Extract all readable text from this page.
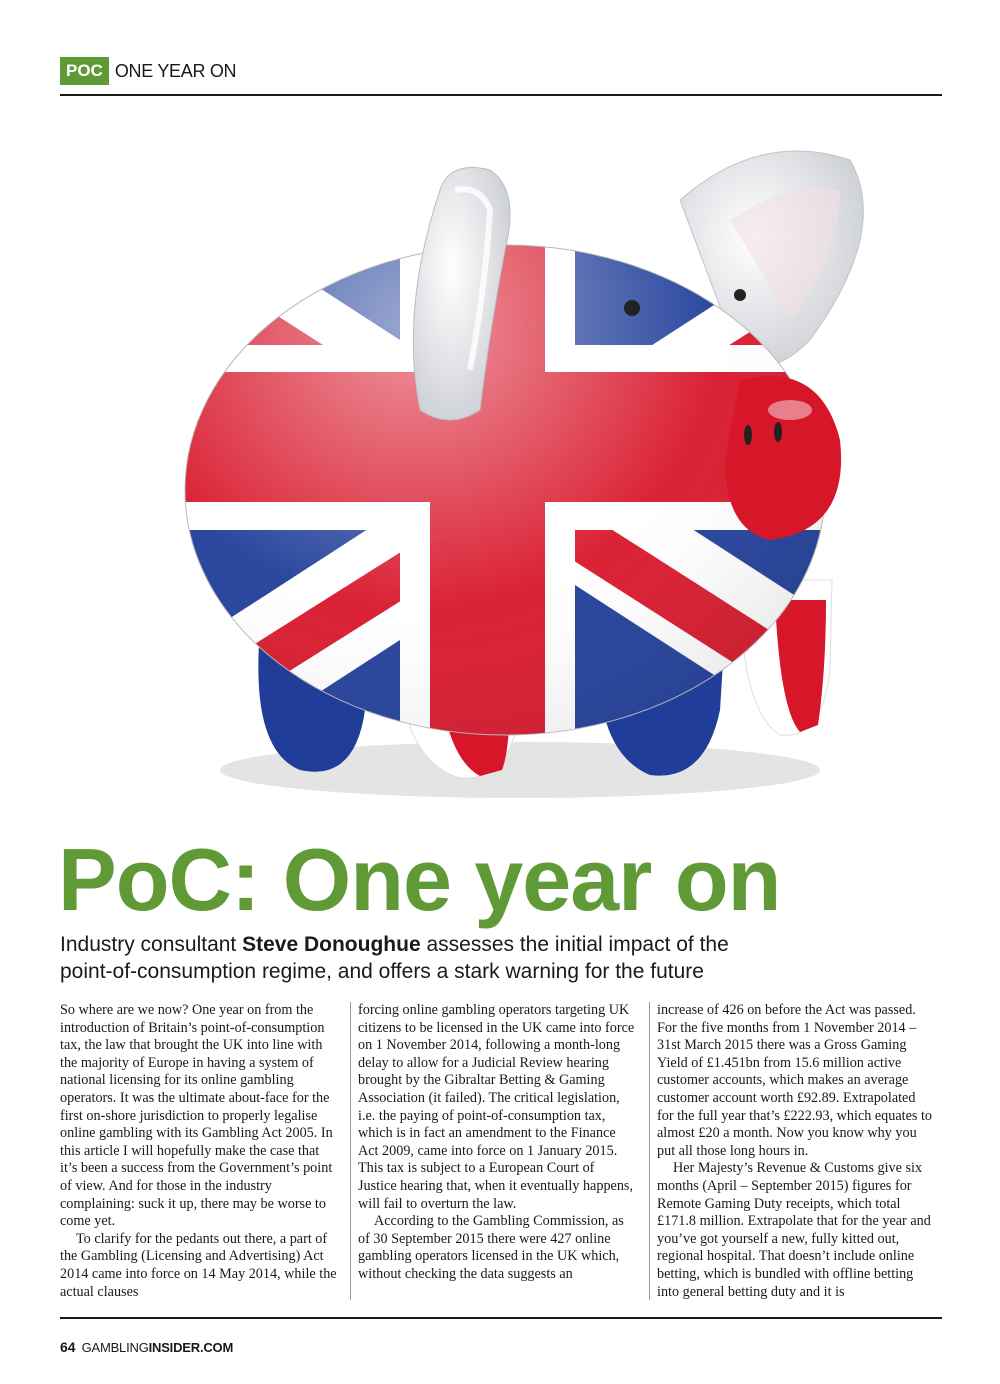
POC ONE YEAR ON
PoC: One year on
Industry consultant Steve Donoughue assesses the initial impact of the
point-of-consumption regime, and offers a stark warning for the future

So where are we now? One year on from the introduction of Britain’s point-of-consumption tax, the law that brought the UK into line with the majority of Europe in having a system of national licensing for its online gambling operators. It was the ultimate about-face for the first on-shore jurisdiction to properly legalise online gambling with its Gambling Act 2005. In this article I will hopefully make the case that it’s been a success from the Government’s point of view. And for those in the industry complaining: suck it up, there may be worse to come yet.

To clarify for the pedants out there, a part of the Gambling (Licensing and Advertising) Act 2014 came into force on 14 May 2014, while the actual clauses

forcing online gambling operators targeting UK citizens to be licensed in the UK came into force on 1 November 2014, following a month-long delay to allow for a Judicial Review hearing brought by the Gibraltar Betting & Gaming Association (it failed). The critical legislation, i.e. the paying of point-of-consumption tax, which is in fact an amendment to the Finance Act 2009, came into force on 1 January 2015. This tax is subject to a European Court of Justice hearing that, when it eventually happens, will fail to overturn the law.

According to the Gambling Commission, as of 30 September 2015 there were 427 online gambling operators licensed in the UK which, without checking the data suggests an

increase of 426 on before the Act was passed. For the five months from 1 November 2014 – 31st March 2015 there was a Gross Gaming Yield of £1.451bn from 15.6 million active customer accounts, which makes an average customer account worth £92.89. Extrapolated for the full year that’s £222.93, which equates to almost £20 a month. Now you know why you put all those long hours in.

Her Majesty’s Revenue & Customs give six months (April – September 2015) figures for Remote Gaming Duty receipts, which total £171.8 million. Extrapolate that for the year and you’ve got yourself a new, fully kitted out, regional hospital. That doesn’t include online betting, which is bundled with offline betting into general betting duty and it is

64 GAMBLING INSIDER.COM
